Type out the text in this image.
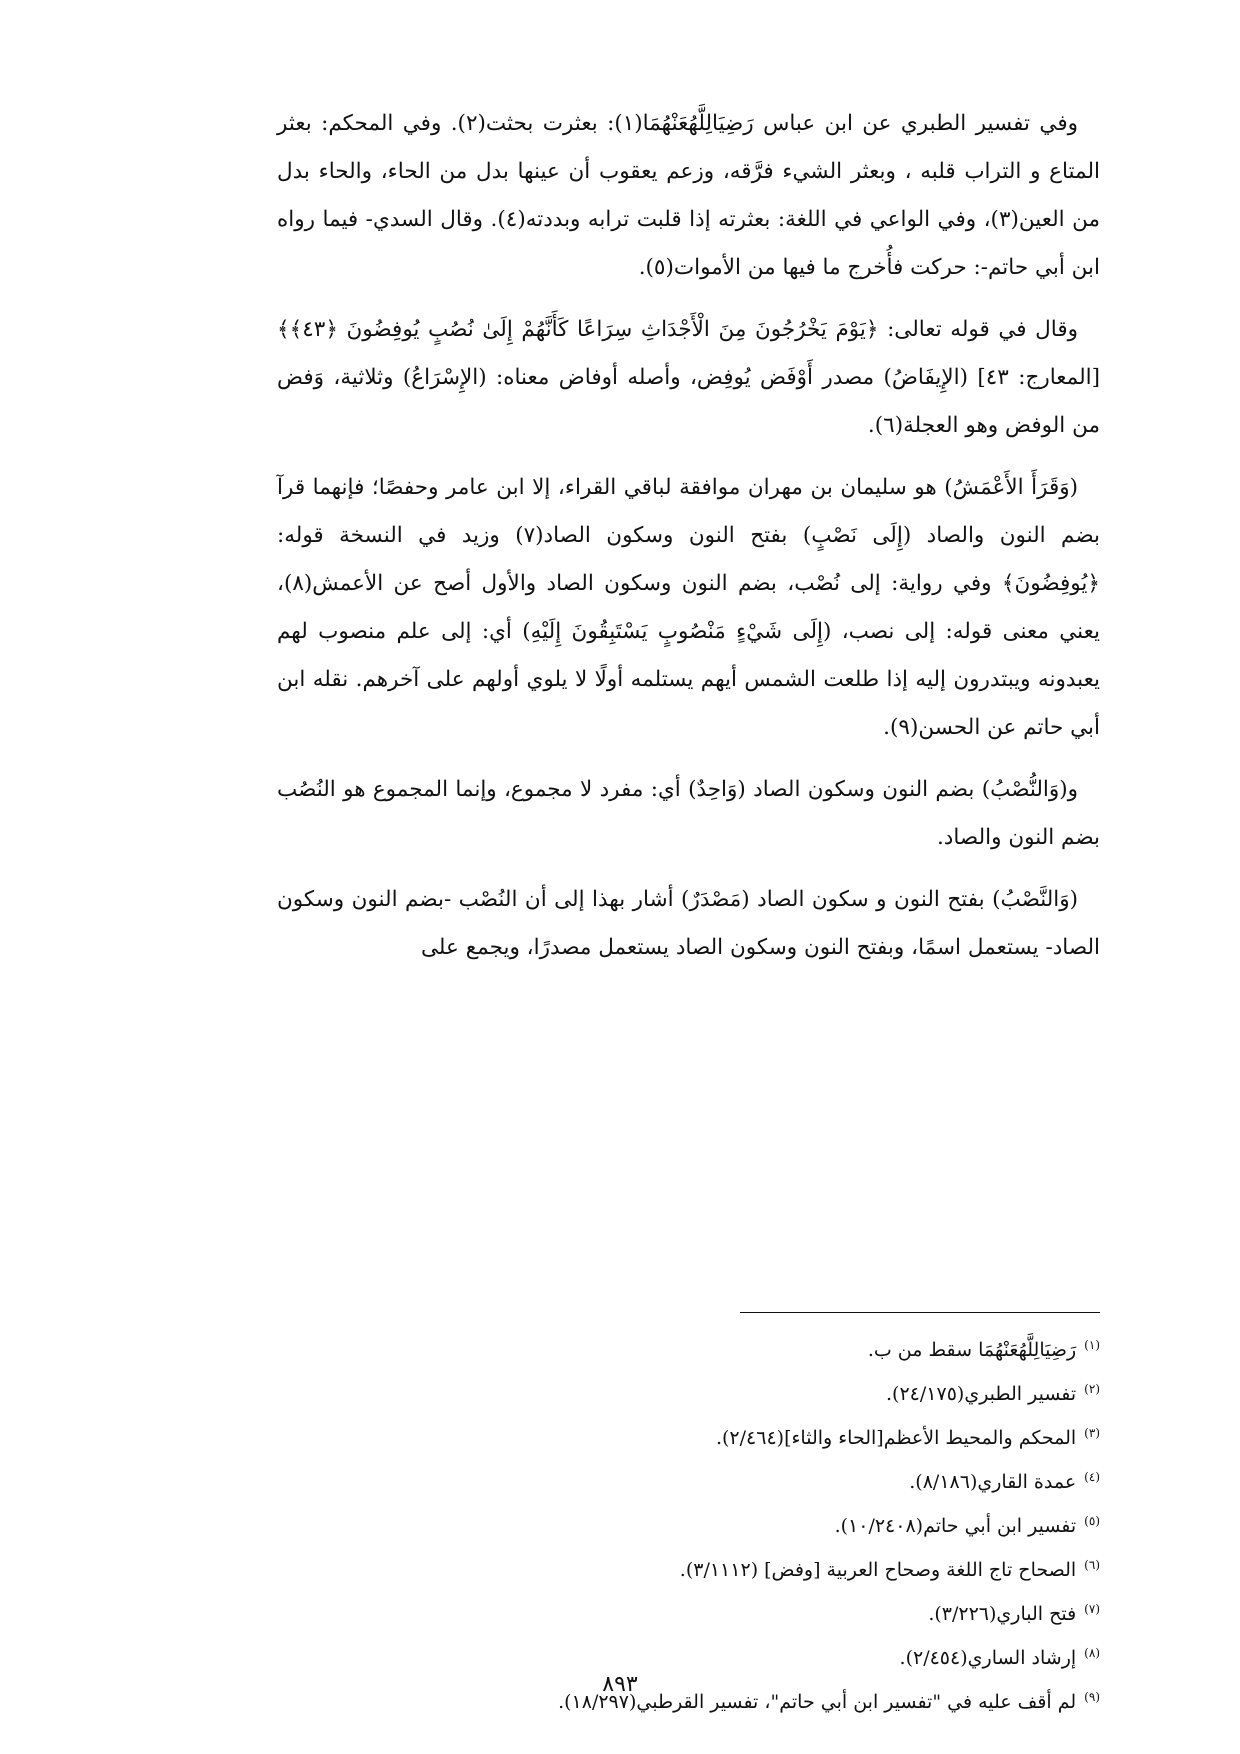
وفي تفسير الطبري عن ابن عباس رَضِيَالِلَّهُعَنْهُمَا(١): بعثرت بحثت(٢). وفي المحكم: بعثر المتاع و التراب قلبه ، وبعثر الشيء فرَّقه، وزعم يعقوب أن عينها بدل من الحاء، والحاء بدل من العين(٣)، وفي الواعي في اللغة: بعثرته إذا قلبت ترابه وبددته(٤). وقال السدي- فيما رواه ابن أبي حاتم-: حركت فأُخرج ما فيها من الأموات(٥).

وقال في قوله تعالى: ﴿يَوْمَ يَخْرُجُونَ مِنَ الْأَجْدَاثِ سِرَاعًا كَأَنَّهُمْ إِلَىٰ نُصُبٍ يُوفِضُونَ ﴿٤٣﴾﴾[المعارج: ٤٣] (الإِيفَاضُ) مصدر أَوْفَض يُوفِض، وأصله أوفاض معناه: (الإِسْرَاعُ) وثلاثية، وَفض من الوفض وهو العجلة(٦).

(وَقَرَأَ الأَعْمَشُ) هو سليمان بن مهران موافقة لباقي القراء، إلا ابن عامر وحفصًا؛ فإنهما قرآ بضم النون والصاد (إِلَى نَصْبٍ) بفتح النون وسكون الصاد(٧) وزيد في النسخة قوله: ﴿يُوفِضُونَ﴾ وفي رواية: إلى نُصْب، بضم النون وسكون الصاد والأول أصح عن الأعمش(٨)، يعني معنى قوله: إلى نصب، (إِلَى شَيْءٍ مَنْصُوبٍ يَسْتَبِقُونَ إِلَيْهِ) أي: إلى علم منصوب لهم يعبدونه ويبتدرون إليه إذا طلعت الشمس أيهم يستلمه أولًا لا يلوي أولهم على آخرهم. نقله ابن أبي حاتم عن الحسن(٩).

و(وَالنُّصْبُ) بضم النون وسكون الصاد (وَاحِدٌ) أي: مفرد لا مجموع، وإنما المجموع هو النُصُب بضم النون والصاد.

(وَالنَّصْبُ) بفتح النون و سكون الصاد (مَصْدَرٌ) أشار بهذا إلى أن النُصْب -بضم النون وسكون الصاد- يستعمل اسمًا، وبفتح النون وسكون الصاد يستعمل مصدرًا، ويجمع على

$^{(١)}$رَضِيَالِلَّهُعَنْهُمَا سقط من ب.
$^{(٢)}$تفسير الطبري(٢٤/١٧٥).
$^{(٣)}$المحكم والمحيط الأعظم[الحاء والثاء](٢/٤٦٤).
$^{(٤)}$عمدة القاري(٨/١٨٦).
$^{(٥)}$تفسير ابن أبي حاتم(١٠/٢٤٠٨).
$^{(٦)}$الصحاح تاج اللغة وصحاح العربية [وفض] (٣/١١١٢).
$^{(٧)}$فتح الباري(٣/٢٢٦).
$^{(٨)}$إرشاد الساري(٢/٤٥٤).
$^{(٩)}$لم أقف عليه في "تفسير ابن أبي حاتم"، تفسير القرطبي(١٨/٢٩٧).
٨٩٣
